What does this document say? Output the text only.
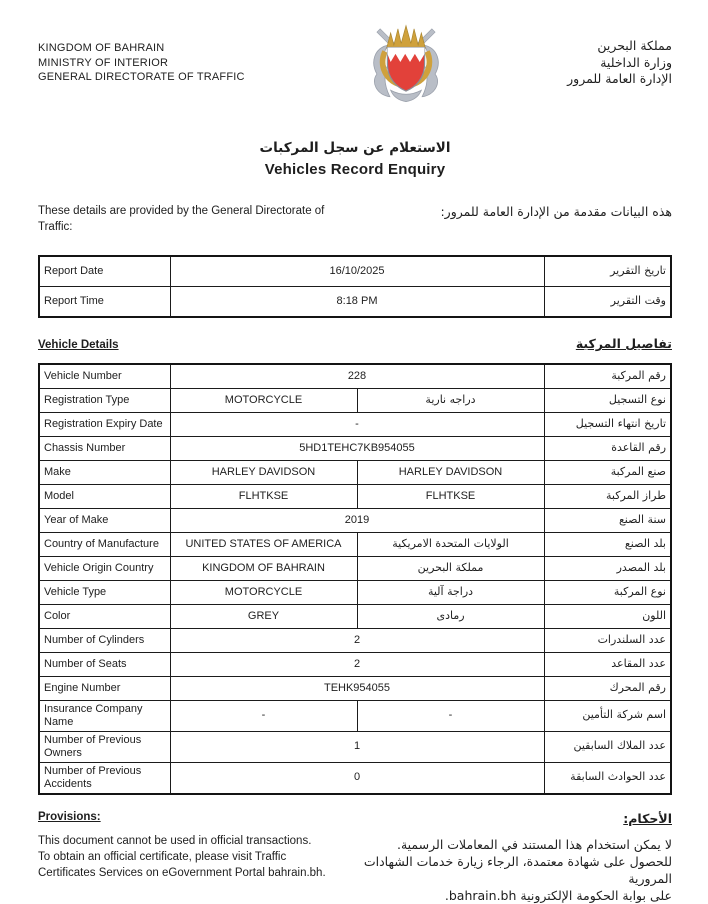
KINGDOM OF BAHRAIN
MINISTRY OF INTERIOR
GENERAL DIRECTORATE OF TRAFFIC
مملكة البحرين
وزارة الداخلية
الإدارة العامة للمرور
الاستعلام عن سجل المركبات
Vehicles Record Enquiry
These details are provided by the General Directorate of Traffic:
هذه البيانات مقدمة من الإدارة العامة للمرور:
Report Date	16/10/2025	تاريخ التقرير
Report Time	8:18 PM	وقت التقرير
Vehicle Details	تفاصيل المركبة
Vehicle Number	228		رقم المركبة
Registration Type	MOTORCYCLE	دراجه نارية	نوع التسجيل
Registration Expiry Date	-		تاريخ انتهاء التسجيل
Chassis Number	5HD1TEHC7KB954055		رقم القاعدة
Make	HARLEY DAVIDSON	HARLEY DAVIDSON	صنع المركبة
Model	FLHTKSE	FLHTKSE	طراز المركبة
Year of Make	2019		سنة الصنع
Country of Manufacture	UNITED STATES OF AMERICA	الولايات المتحدة الامريكية	بلد الصنع
Vehicle Origin Country	KINGDOM OF BAHRAIN	مملكة البحرين	بلد المصدر
Vehicle Type	MOTORCYCLE	دراجة آلية	نوع المركبة
Color	GREY	رمادى	اللون
Number of Cylinders	2		عدد السلندرات
Number of Seats	2		عدد المقاعد
Engine Number	TEHK954055		رقم المحرك
Insurance Company Name	-	-	اسم شركة التأمين
Number of Previous Owners	1		عدد الملاك السابقين
Number of Previous Accidents	0		عدد الحوادث السابقة
Provisions:
This document cannot be used in official transactions.
To obtain an official certificate, please visit Traffic
Certificates Services on eGovernment Portal bahrain.bh.
الأحكام:
لا يمكن استخدام هذا المستند في المعاملات الرسمية.
للحصول على شهادة معتمدة، الرجاء زيارة خدمات الشهادات المرورية
على بوابة الحكومة الإلكترونية bahrain.bh.
